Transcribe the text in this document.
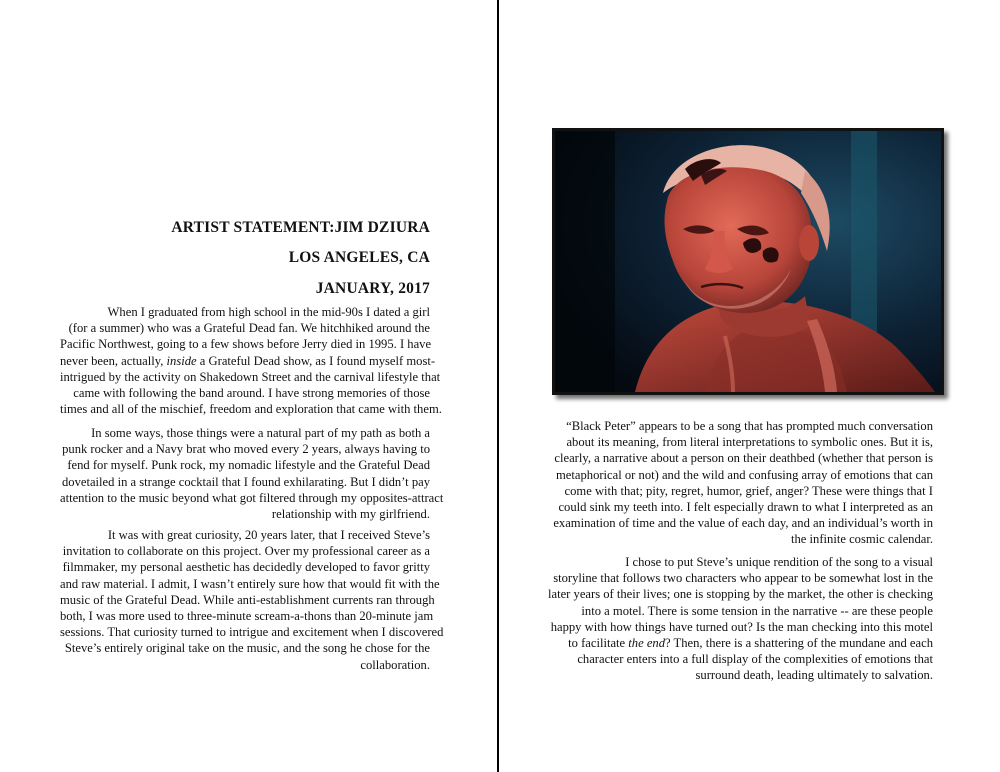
ARTIST STATEMENT:JIM DZIURA
LOS ANGELES, CA
JANUARY, 2017
When I graduated from high school in the mid-90s I dated a girl
(for a summer) who was a Grateful Dead fan. We hitchhiked around the
Pacific Northwest, going to a few shows before Jerry died in 1995. I have
never been, actually, inside a Grateful Dead show, as I found myself most-
intrigued by the activity on Shakedown Street and the carnival lifestyle that
came with following the band around. I have strong memories of those
times and all of the mischief, freedom and exploration that came with them.
In some ways, those things were a natural part of my path as both a
punk rocker and a Navy brat who moved every 2 years, always having to
fend for myself. Punk rock, my nomadic lifestyle and the Grateful Dead
dovetailed in a strange cocktail that I found exhilarating. But I didn’t pay
attention to the music beyond what got filtered through my opposites-attract
relationship with my girlfriend.
It was with great curiosity, 20 years later, that I received Steve’s
invitation to collaborate on this project. Over my professional career as a
filmmaker, my personal aesthetic has decidedly developed to favor gritty
and raw material. I admit, I wasn’t entirely sure how that would fit with the
music of the Grateful Dead. While anti-establishment currents ran through
both, I was more used to three-minute scream-a-thons than 20-minute jam
sessions. That curiosity turned to intrigue and excitement when I discovered
Steve’s entirely original take on the music, and the song he chose for the
collaboration.
“Black Peter” appears to be a song that has prompted much conversation
about its meaning, from literal interpretations to symbolic ones. But it is,
clearly, a narrative about a person on their deathbed (whether that person is
metaphorical or not) and the wild and confusing array of emotions that can
come with that; pity, regret, humor, grief, anger? These were things that I
could sink my teeth into. I felt especially drawn to what I interpreted as an
examination of time and the value of each day, and an individual’s worth in
the infinite cosmic calendar.
I chose to put Steve’s unique rendition of the song to a visual
storyline that follows two characters who appear to be somewhat lost in the
later years of their lives; one is stopping by the market, the other is checking
into a motel. There is some tension in the narrative -- are these people
happy with how things have turned out? Is the man checking into this motel
to facilitate the end? Then, there is a shattering of the mundane and each
character enters into a full display of the complexities of emotions that
surround death, leading ultimately to salvation.
